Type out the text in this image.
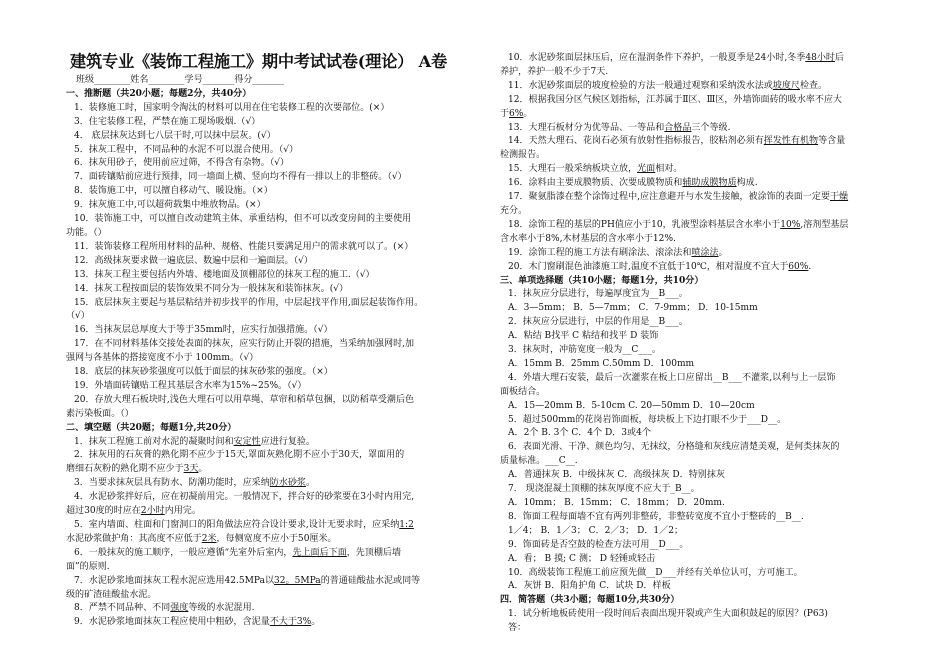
建筑专业《装饰工程施工》期中考试试卷(理论） A卷
班级________姓名________学号_______得分_______
一、推断题（共20小题；每题2分，共40分）
1．装修施工时，国家明令淘汰的材料可以用在住宅装修工程的次要部位。(×）
3．住宅装修工程，严禁在施工现场吸烟.（√）
4． 底层抹灰达到七八层干时,可以抹中层灰。(√）
5．抹灰工程中，不同品种的水泥不可以混合使用。（√）
6．抹灰用砂子，使用前应过筛，不得含有杂物。（√）
7．面砖镶贴前应进行预排，同一墙面上横、竖向均不得有一排以上的非整砖。（√）
8．装饰施工中，可以擅自移动气、暖设施。（×）
9．抹灰施工中,可以超荷载集中堆放物品。(×）
10．装饰施工中，可以擅自改动建筑主体、承重结构，但不可以改变房间的主要使用
功能。（）
11．装饰装修工程所用材料的品种、规格、性能只要满足用户的需求就可以了。(×）
12．高级抹灰要求做一遍底层、数遍中层和一遍面层。（√）
13．抹灰工程主要包括内外墙、楼地面及顶棚部位的抹灰工程的施工.（√）
14．抹灰工程按面层的装饰效果不同分为一般抹灰和装饰抹灰。(√）
15．底层抹灰主要起与基层粘结并初步找平的作用，中层起找平作用,面层起装饰作用。
（√）
16．当抹灰层总厚度大于等于35mm时，应实行加强措施。（√）
17．在不同材料基体交接处表面的抹灰，应实行防止开裂的措施，当采纳加强网时,加
强网与各基体的搭接宽度不小于 100mm。（√）
18．底层的抹灰砂浆强度可以低于面层的抹灰砂浆的强度。（×）
19．外墙面砖镶贴工程其基层含水率为15%~25%。（√）
20．存放大理石板块时,浅色大理石可以用草绳、草帘和稻草包捆，以防稻草受潮后色
素污染板面。（）
二、填空题（共20题；每题1分,共20分）
1．抹灰工程施工前对水泥的凝聚时间和安定性应进行复验。
2．抹灰用的石灰膏的熟化期不应少于15天,罩面灰熟化期不应小于30天，罩面用的
磨细石灰粉的熟化期不应少于3天。
3．当要求抹灰层具有防水、防潮功能时，应采纳防水砂浆。
4．水泥砂浆拌好后，应在初凝前用完。一般情况下，拌合好的砂浆要在3小时内用完,
超过30度的时应在2小时内用完。
5．室内墙面、柱面和门窗洞口的阳角做法应符合设计要求,设计无要求时，应采纳1:2
水泥砂浆做护角：其高度不应低于2米，每侧宽度不应小于50厘米。
6．一般抹灰的施工顺序，一般应遵循“先室外后室内，先上面后下面，先顶棚后墙
面”的原则.
7．水泥砂浆地面抹灰工程水泥应选用42.5MPa以32。5MPa的普通硅酸盐水泥或同等
级的矿渣硅酸盐水泥。
8．严禁不同品种、不同强度等级的水泥混用.
9．水泥砂浆地面抹灰工程应使用中粗砂，含泥量不大于3%。
10．水泥砂浆面层抹压后，应在湿润条件下养护，一般夏季是24小时,冬季48小时后
养护，养护一般不少于7天.
11．水泥砂浆面层的坡度检验的方法一般通过观察和采纳泼水法或坡度尺检查。
12．根据我国分区气候区划指标，江苏属于Ⅱ区、Ⅲ区，外墙饰面砖的吸水率不应大
于6%。
13．大理石板材分为优等品、一等品和合格品三个等级.
14．天然大理石、花岗石必须有放射性指标报告，胶粘剂必须有挥发性有机物等含量
检测报告。
15．大理石一般采纳板块立放，光面相对。
16．涂料由主要成膜物质、次要成膜物质和辅助成膜物质构成.
17．聚氨脂漆在整个涂饰过程中,应注意避开与水发生接触，被涂饰的表面一定要干燥
充分。
18．涂饰工程的基层的PH值应小于10，乳液型涂料基层含水率小于10%,溶剂型基层
含水率小于8%,木材基层的含水率小于12%.
19．涂饰工程的施工方法有刷涂法、滚涂法和喷涂法。
20．木门窗刷混色油漆施工时,温度不宜低于10℃，相对湿度不宜大于60%.
三、单项选择题（共10小题；每题1分，共10分）
1．抹灰应分层进行，每遍厚度宜为__B___。
A．3—5mm； B．5—7mm； C．7-9mm； D．10-15mm
2．抹灰应分层进行，中层的作用是__B___。
A．粘结 B找平 C 粘结和找平 D 装饰
3．抹灰时，冲筋宽度一般为__C___。
A．15mm B．25mm C.50mm D．100mm
4．外墙大理石安装，最后一次灌浆在板上口应留出__B___不灌浆,以利与上一层饰
面板结合。
A．15—20mm B．5-10cm C. 20—50mm D．10—20cm
5．超过500mm的花岗岩饰面板，每块板上下边打眼不少于___D__。
A．2个 B. 3个 C．4个 D．3或4个
6．表面光滑、干净、颜色均匀、无抹纹，分格缝和灰线应清楚美观，是何类抹灰的
质量标准。___C__.
A．普通抹灰 B．中级抹灰 C．高级抹灰 D．特别抹灰
7． 现浇混凝土顶棚的抹灰厚度不应大于_B__。
A．10mm； B．15mm； C．18mm； D．20mm.
8．饰面工程每面墙不宜有两列非整砖，非整砖宽度不宜小于整砖的__B__.
1／4； B．1／3； C．2／3； D．1／2；
9．饰面砖是否空鼓的检查方法可用__D___。
A．看； B 摸; C 测； D 轻锤或轻击
10．高级装饰工程施工前应预先做__D___并经有关单位认可，方可施工。
A．灰饼 B．阳角护角 C．试块 D．样板
四．简答题（共3小题；每题10分,共30分）
1．试分析地板砖使用一段时间后表面出现开裂或产生大面积鼓起的原因？(P63)
答：
